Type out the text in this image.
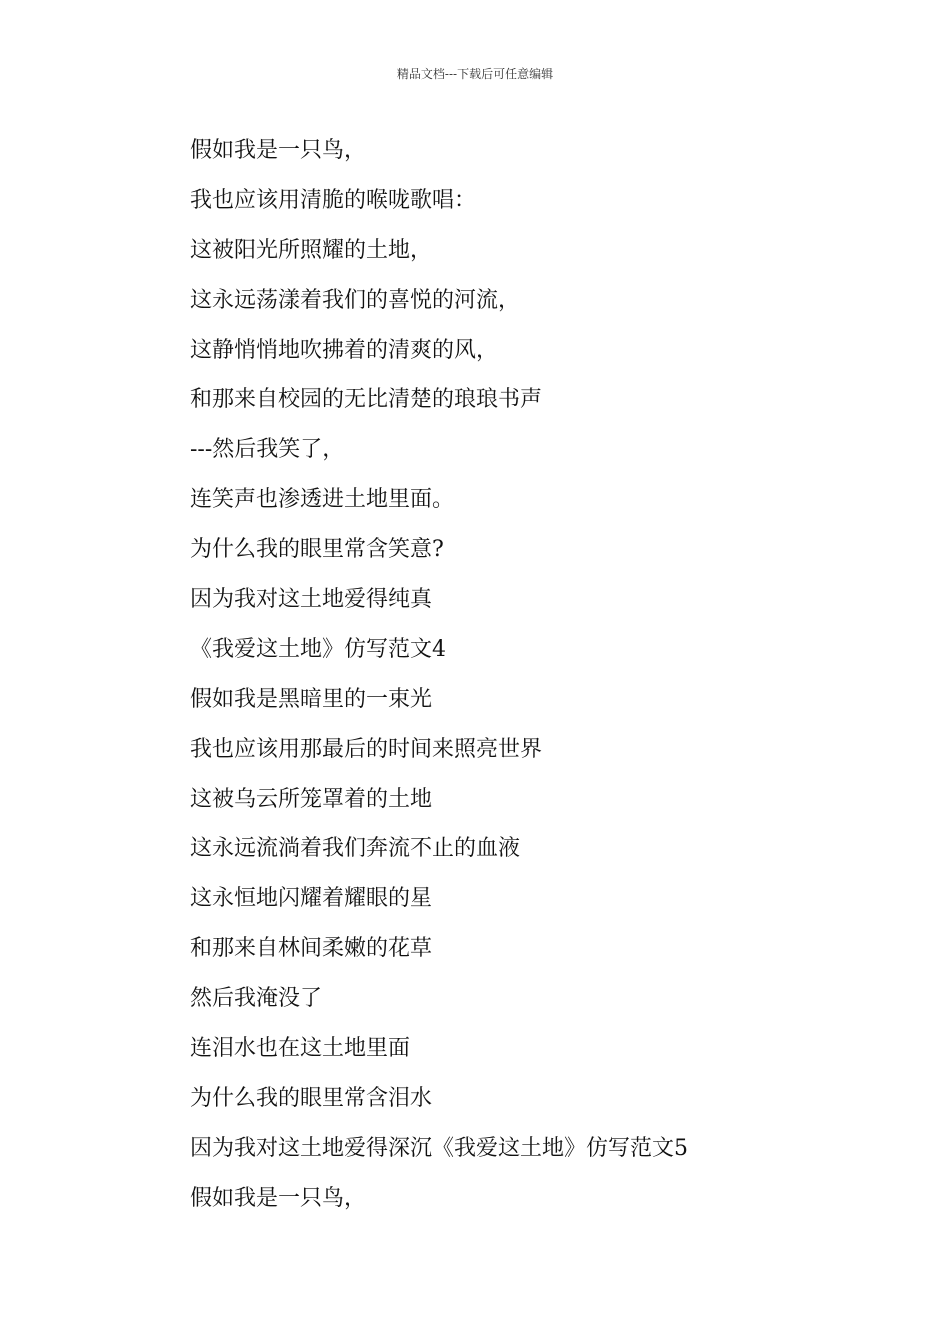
精品文档---下载后可任意编辑
假如我是一只鸟，
我也应该用清脆的喉咙歌唱：
这被阳光所照耀的土地，
这永远荡漾着我们的喜悦的河流，
这静悄悄地吹拂着的清爽的风，
和那来自校园的无比清楚的琅琅书声
---然后我笑了，
连笑声也渗透进土地里面。
为什么我的眼里常含笑意?
因为我对这土地爱得纯真
《我爱这土地》仿写范文4
假如我是黑暗里的一束光
我也应该用那最后的时间来照亮世界
这被乌云所笼罩着的土地
这永远流淌着我们奔流不止的血液
这永恒地闪耀着耀眼的星
和那来自林间柔嫩的花草
然后我淹没了
连泪水也在这土地里面
为什么我的眼里常含泪水
因为我对这土地爱得深沉《我爱这土地》仿写范文5
假如我是一只鸟，
